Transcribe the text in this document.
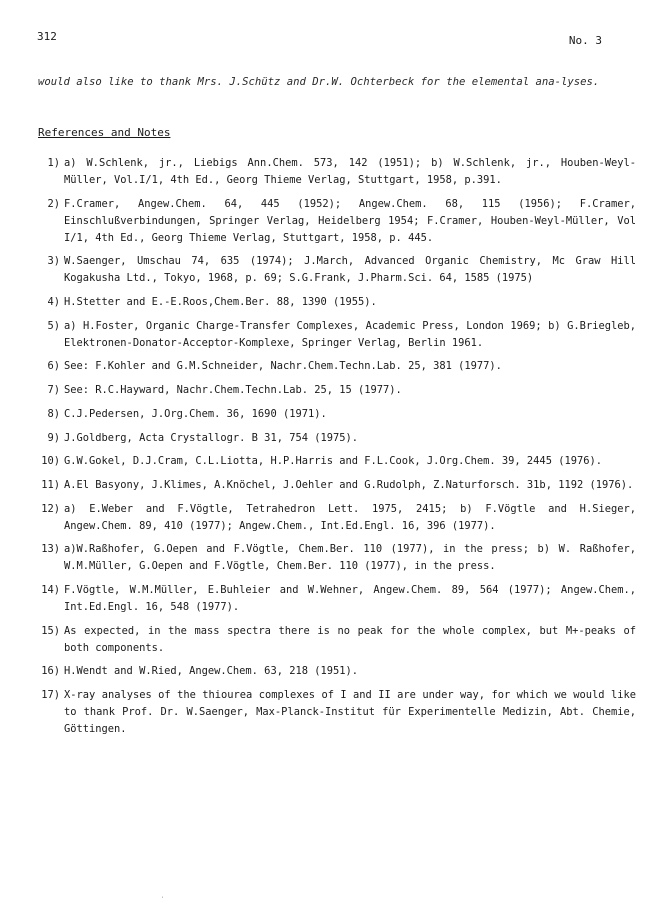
312	No. 3
would also like to thank Mrs. J.Schütz and Dr.W. Ochterbeck for the elemental ana-lyses.
References and Notes
1) a) W.Schlenk, jr., Liebigs Ann.Chem. 573, 142 (1951); b) W.Schlenk, jr., Houben-Weyl-Müller, Vol.I/1, 4th Ed., Georg Thieme Verlag, Stuttgart, 1958, p.391.
2) F.Cramer, Angew.Chem. 64, 445 (1952); Angew.Chem. 68, 115 (1956); F.Cramer, Einschlußverbindungen, Springer Verlag, Heidelberg 1954; F.Cramer, Houben-Weyl-Müller, Vol I/1, 4th Ed., Georg Thieme Verlag, Stuttgart, 1958, p. 445.
3) W.Saenger, Umschau 74, 635 (1974); J.March, Advanced Organic Chemistry, Mc Graw Hill Kogakusha Ltd., Tokyo, 1968, p. 69; S.G.Frank, J.Pharm.Sci. 64, 1585 (1975)
4) H.Stetter and E.-E.Roos,Chem.Ber. 88, 1390 (1955).
5) a) H.Foster, Organic Charge-Transfer Complexes, Academic Press, London 1969; b) G.Briegleb, Elektronen-Donator-Acceptor-Komplexe, Springer Verlag, Berlin 1961.
6) See: F.Kohler and G.M.Schneider, Nachr.Chem.Techn.Lab. 25, 381 (1977).
7) See: R.C.Hayward, Nachr.Chem.Techn.Lab. 25, 15 (1977).
8) C.J.Pedersen, J.Org.Chem. 36, 1690 (1971).
9) J.Goldberg, Acta Crystallogr. B 31, 754 (1975).
10) G.W.Gokel, D.J.Cram, C.L.Liotta, H.P.Harris and F.L.Cook, J.Org.Chem. 39, 2445 (1976).
11) A.El Basyony, J.Klimes, A.Knöchel, J.Oehler and G.Rudolph, Z.Naturforsch. 31b, 1192 (1976).
12) a) E.Weber and F.Vögtle, Tetrahedron Lett. 1975, 2415; b) F.Vögtle and H.Sieger, Angew.Chem. 89, 410 (1977); Angew.Chem., Int.Ed.Engl. 16, 396 (1977).
13) a)W.Raßhofer, G.Oepen and F.Vögtle, Chem.Ber. 110 (1977), in the press; b) W. Raßhofer, W.M.Müller, G.Oepen and F.Vögtle, Chem.Ber. 110 (1977), in the press.
14) F.Vögtle, W.M.Müller, E.Buhleier and W.Wehner, Angew.Chem. 89, 564 (1977); Angew.Chem., Int.Ed.Engl. 16, 548 (1977).
15) As expected, in the mass spectra there is no peak for the whole complex, but M+-peaks of both components.
16) H.Wendt and W.Ried, Angew.Chem. 63, 218 (1951).
17) X-ray analyses of the thiourea complexes of I and II are under way, for which we would like to thank Prof. Dr. W.Saenger, Max-Planck-Institut für Experimentelle Medizin, Abt. Chemie, Göttingen.
˙
